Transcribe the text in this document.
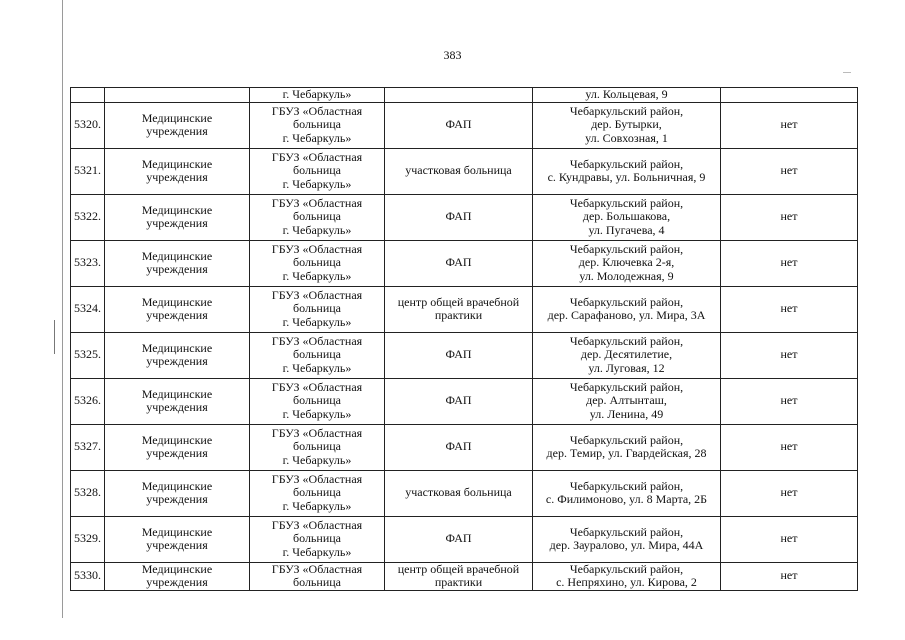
383
		г. Чебаркуль»		ул. Кольцевая, 9	
5320.	Медицинские
учреждения	ГБУЗ «Областная
больница
г. Чебаркуль»	ФАП	Чебаркульский район,
дер. Бутырки,
ул. Совхозная, 1	нет
5321.	Медицинские
учреждения	ГБУЗ «Областная
больница
г. Чебаркуль»	участковая больница	Чебаркульский район,
с. Кундравы, ул. Больничная, 9	нет
5322.	Медицинские
учреждения	ГБУЗ «Областная
больница
г. Чебаркуль»	ФАП	Чебаркульский район,
дер. Большакова,
ул. Пугачева, 4	нет
5323.	Медицинские
учреждения	ГБУЗ «Областная
больница
г. Чебаркуль»	ФАП	Чебаркульский район,
дер. Ключевка 2-я,
ул. Молодежная, 9	нет
5324.	Медицинские
учреждения	ГБУЗ «Областная
больница
г. Чебаркуль»	центр общей врачебной
практики	Чебаркульский район,
дер. Сарафаново, ул. Мира, 3А	нет
5325.	Медицинские
учреждения	ГБУЗ «Областная
больница
г. Чебаркуль»	ФАП	Чебаркульский район,
дер. Десятилетие,
ул. Луговая, 12	нет
5326.	Медицинские
учреждения	ГБУЗ «Областная
больница
г. Чебаркуль»	ФАП	Чебаркульский район,
дер. Алтынташ,
ул. Ленина, 49	нет
5327.	Медицинские
учреждения	ГБУЗ «Областная
больница
г. Чебаркуль»	ФАП	Чебаркульский район,
дер. Темир, ул. Гвардейская, 28	нет
5328.	Медицинские
учреждения	ГБУЗ «Областная
больница
г. Чебаркуль»	участковая больница	Чебаркульский район,
с. Филимоново, ул. 8 Марта, 2Б	нет
5329.	Медицинские
учреждения	ГБУЗ «Областная
больница
г. Чебаркуль»	ФАП	Чебаркульский район,
дер. Зауралово, ул. Мира, 44А	нет
5330.	Медицинские
учреждения	ГБУЗ «Областная
больница	центр общей врачебной
практики	Чебаркульский район,
с. Непряхино, ул. Кирова, 2	нет
